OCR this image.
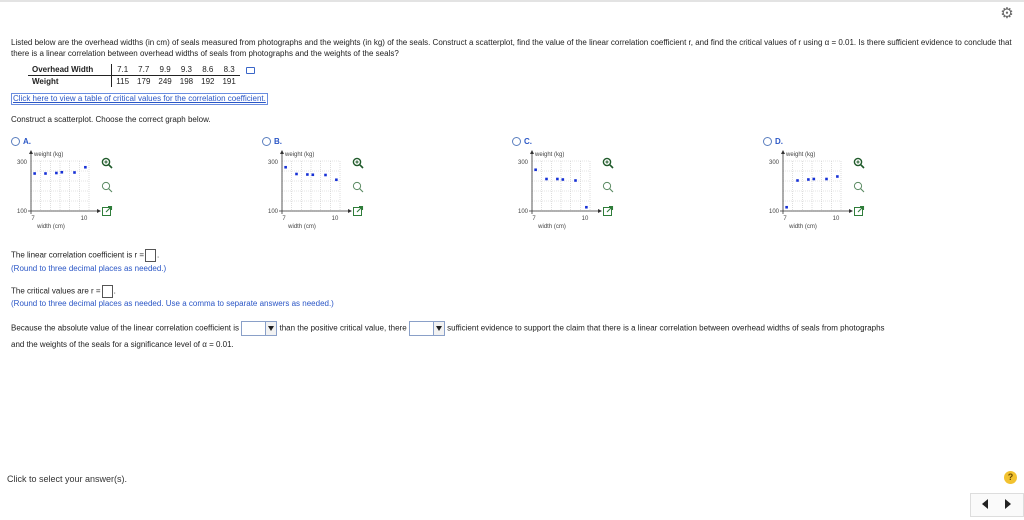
⚙
Listed below are the overhead widths (in cm) of seals measured from photographs and the weights (in kg) of the seals. Construct a scatterplot, find the value of the linear correlation coefficient r, and find the critical values of r using α = 0.01. Is there sufficient evidence to conclude that there is a linear correlation between overhead widths of seals from photographs and the weights of the seals?
Overhead Width	7.1	7.7	9.9	9.3	8.6	8.3	
Weight	115	179	249	198	192	191	
Click here to view a table of critical values for the correlation coefficient.
Construct a scatterplot. Choose the correct graph below.
A.
weight (kg)
300
100
7	10
width (cm)
B.
weight (kg)
300
100
7	10
width (cm)
C.
weight (kg)
300
100
7	10
width (cm)
D.
weight (kg)
300
100
7	10
width (cm)
The linear correlation coefficient is r = .
(Round to three decimal places as needed.)
The critical values are r = .
(Round to three decimal places as needed. Use a comma to separate answers as needed.)
Because the absolute value of the linear correlation coefficient is	than the positive critical value, there	sufficient evidence to support the claim that there is a linear correlation between overhead widths of seals from photographs
and the weights of the seals for a significance level of α = 0.01.
Click to select your answer(s).	?
